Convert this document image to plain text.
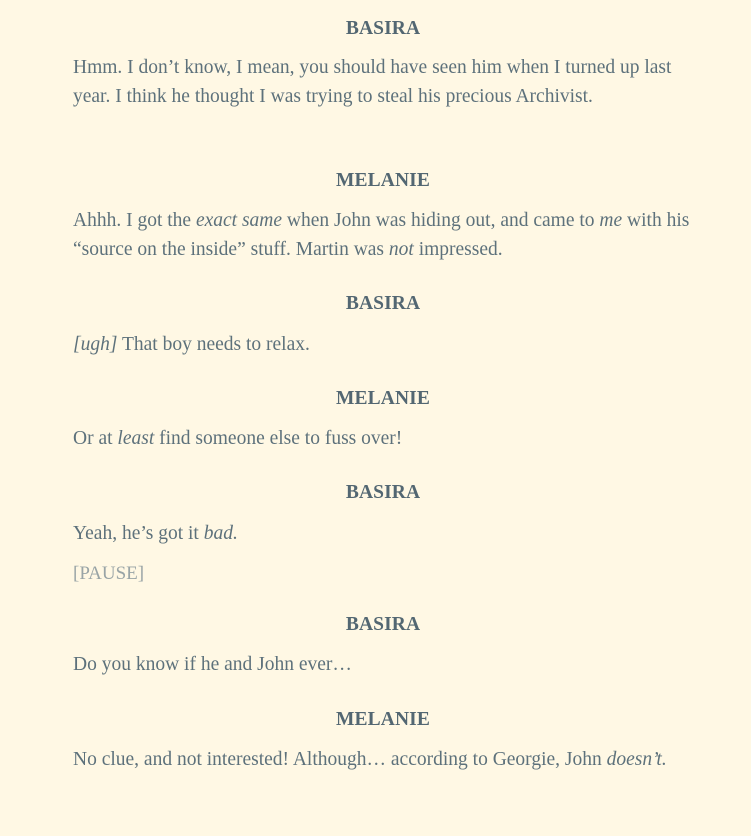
BASIRA

Hmm. I don’t know, I mean, you should have seen him when I turned up last year. I think he thought I was trying to steal his precious Archivist.

MELANIE

Ahhh. I got the exact same when John was hiding out, and came to me with his “source on the inside” stuff. Martin was not impressed.

BASIRA

[ugh] That boy needs to relax.

MELANIE

Or at least find someone else to fuss over!

BASIRA

Yeah, he’s got it bad.

[PAUSE]

BASIRA

Do you know if he and John ever…

MELANIE

No clue, and not interested! Although… according to Georgie, John doesn’t.
